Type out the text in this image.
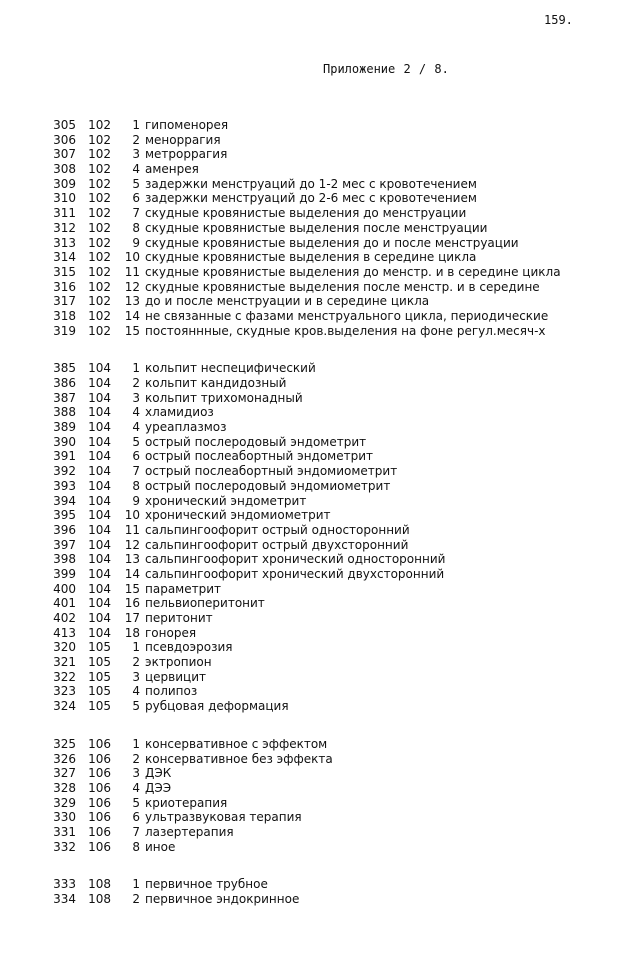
159.
Приложение 2 / 8.
305	102	1 гипоменорея
306	102	2 меноррагия
307	102	3 метроррагия
308	102	4 аменрея
309	102	5 задержки менструаций до 1-2 мес с кровотечением
310	102	6 задержки менструаций до 2-6 мес с кровотечением
311	102	7 скудные кровянистые выделения до менструации
312	102	8 скудные кровянистые выделения после менструации
313	102	9 скудные кровянистые выделения до и после менструации
314	102 10 скудные кровянистые выделения в середине цикла
315	102 11 скудные кровянистые выделения до менстр. и в середине цикла
316	102 12 скудные кровянистые выделения после менстр. и в середине
317	102 13 до и после менструации и в середине цикла
318	102 14 не связанные с фазами менструального цикла, периодические
319	102 15 постояннные, скудные кров.выделения на фоне регул.месяч-х
385	104	1 кольпит неспецифический
386	104	2 кольпит кандидозный
387	104	3 кольпит трихомонадный
388	104	4 хламидиоз
389	104	4 уреаплазмоз
390	104	5 острый послеродовый эндометрит
391	104	6 острый послеабортный эндометрит
392	104	7 острый послеабортный эндомиометрит
393	104	8 острый послеродовый эндомиометрит
394	104	9 хронический эндометрит
395	104 10 хронический эндомиометрит
396	104 11 сальпингоофорит острый односторонний
397	104 12 сальпингоофорит острый двухсторонний
398	104 13 сальпингоофорит хронический односторонний
399	104 14 сальпингоофорит хронический двухсторонний
400	104 15 параметрит
401	104 16 пельвиоперитонит
402	104 17 перитонит
413	104 18 гонорея
320	105	1 псевдоэрозия
321	105	2 эктропион
322	105	3 цервицит
323	105	4 полипоз
324	105	5 рубцовая деформация
325	106	1 консервативное с эффектом
326	106	2 консервативное без эффекта
327	106	3 ДЭК
328	106	4 ДЭЭ
329	106	5 криотерапия
330	106	6 ультразвуковая терапия
331	106	7 лазертерапия
332	106	8 иное
333	108	1 первичное трубное
334	108	2 первичное эндокринное
